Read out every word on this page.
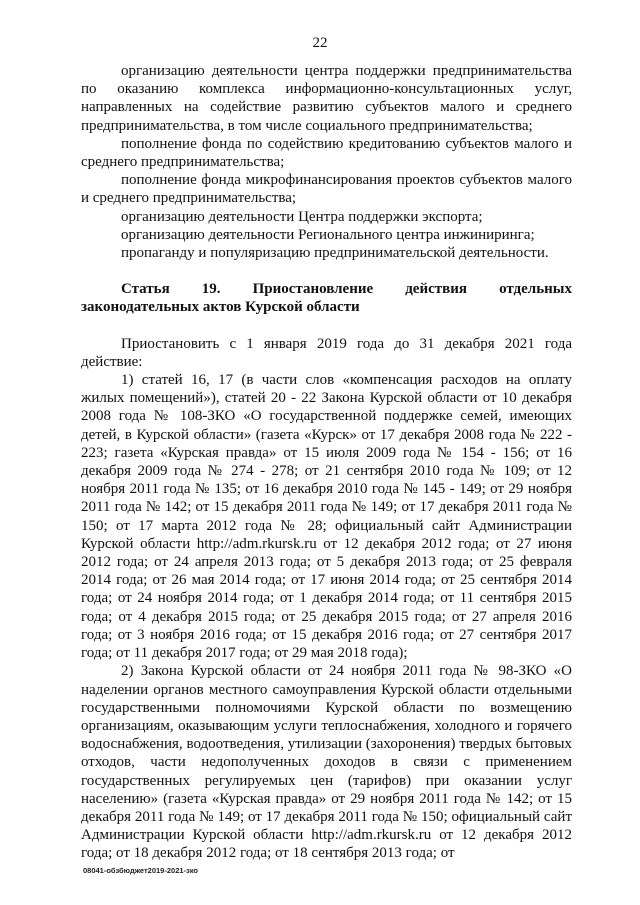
22

организацию деятельности центра поддержки предпринимательства по оказанию комплекса информационно-консультационных услуг, направленных на содействие развитию субъектов малого и среднего предпринимательства, в том числе социального предпринимательства;

пополнение фонда по содействию кредитованию субъектов малого и среднего предпринимательства;

пополнение фонда микрофинансирования проектов субъектов малого и среднего предпринимательства;

организацию деятельности Центра поддержки экспорта;

организацию деятельности Регионального центра инжиниринга;

пропаганду и популяризацию предпринимательской деятельности.

Статья 19. Приостановление действия отдельных законодательных актов Курской области

Приостановить с 1 января 2019 года до 31 декабря 2021 года действие:

1) статей 16, 17 (в части слов «компенсация расходов на оплату жилых помещений»), статей 20 - 22 Закона Курской области от 10 декабря 2008 года № 108-ЗКО «О государственной поддержке семей, имеющих детей, в Курской области» (газета «Курск» от 17 декабря 2008 года № 222 - 223; газета «Курская правда» от 15 июля 2009 года № 154 - 156; от 16 декабря 2009 года № 274 - 278; от 21 сентября 2010 года № 109; от 12 ноября 2011 года № 135; от 16 декабря 2010 года № 145 - 149; от 29 ноября 2011 года № 142; от 15 декабря 2011 года № 149; от 17 декабря 2011 года № 150; от 17 марта 2012 года № 28; официальный сайт Администрации Курской области http://adm.rkursk.ru от 12 декабря 2012 года; от 27 июня 2012 года; от 24 апреля 2013 года; от 5 декабря 2013 года; от 25 февраля 2014 года; от 26 мая 2014 года; от 17 июня 2014 года; от 25 сентября 2014 года; от 24 ноября 2014 года; от 1 декабря 2014 года; от 11 сентября 2015 года; от 4 декабря 2015 года; от 25 декабря 2015 года; от 27 апреля 2016 года; от 3 ноября 2016 года; от 15 декабря 2016 года; от 27 сентября 2017 года; от 11 декабря 2017 года; от 29 мая 2018 года);

2) Закона Курской области от 24 ноября 2011 года № 98-ЗКО «О наделении органов местного самоуправления Курской области отдельными государственными полномочиями Курской области по возмещению организациям, оказывающим услуги теплоснабжения, холодного и горячего водоснабжения, водоотведения, утилизации (захоронения) твердых бытовых отходов, части недополученных доходов в связи с применением государственных регулируемых цен (тарифов) при оказании услуг населению» (газета «Курская правда» от 29 ноября 2011 года № 142; от 15 декабря 2011 года № 149; от 17 декабря 2011 года № 150; официальный сайт Администрации Курской области http://adm.rkursk.ru от 12 декабря 2012 года; от 18 декабря 2012 года; от 18 сентября 2013 года; от

08041-обзбюджет2019-2021-зко
